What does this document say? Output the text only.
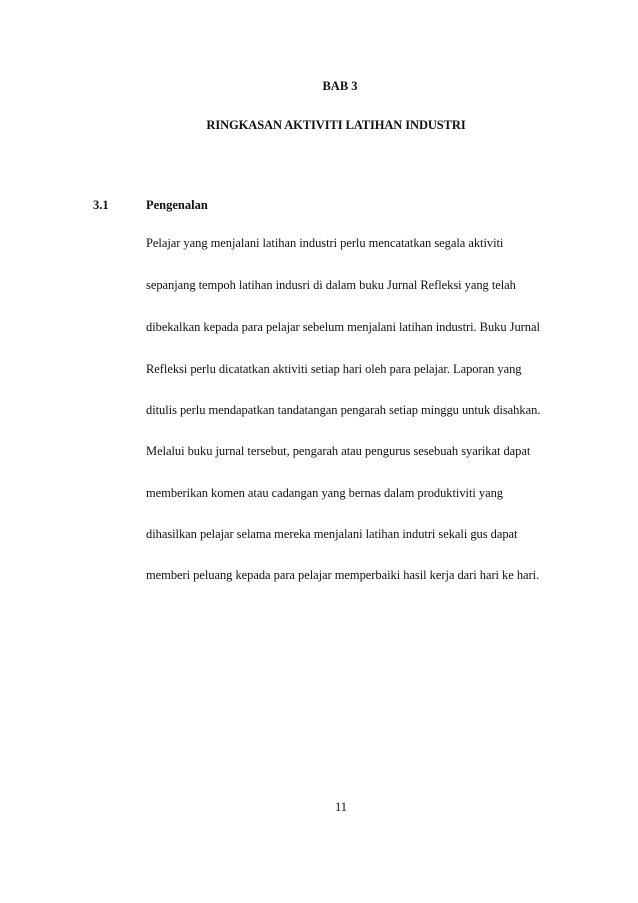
BAB 3
RINGKASAN AKTIVITI LATIHAN INDUSTRI
3.1	Pengenalan
Pelajar yang menjalani latihan industri perlu mencatatkan segala aktiviti
sepanjang tempoh latihan indusri di dalam buku Jurnal Refleksi yang telah
dibekalkan kepada para pelajar sebelum menjalani latihan industri. Buku Jurnal
Refleksi perlu dicatatkan aktiviti setiap hari oleh para pelajar. Laporan yang
ditulis perlu mendapatkan tandatangan pengarah setiap minggu untuk disahkan.
Melalui buku jurnal tersebut, pengarah atau pengurus sesebuah syarikat dapat
memberikan komen atau cadangan yang bernas dalam produktiviti yang
dihasilkan pelajar selama mereka menjalani latihan indutri sekali gus dapat
memberi peluang kepada para pelajar memperbaiki hasil kerja dari hari ke hari.
11
